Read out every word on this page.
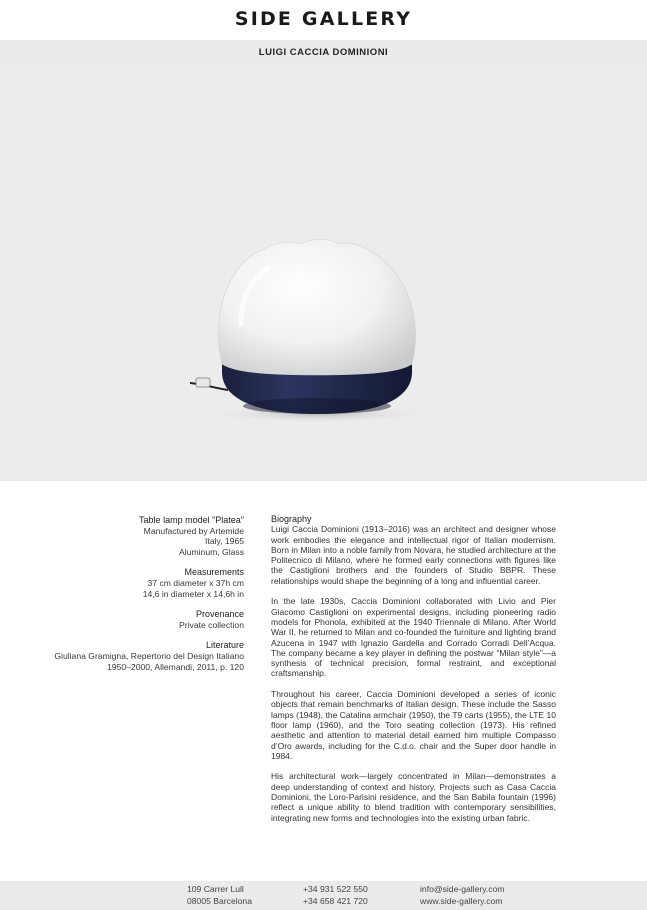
SIDE GALLERY
LUIGI CACCIA DOMINIONI
Table lamp model "Platea"
Manufactured by Artemide
Italy, 1965
Aluminum, Glass
Measurements
37 cm diameter x 37h cm
14,6 in diameter x 14,6h in
Provenance
Private collection
Literature
Giuliana Gramigna, Repertorio del Design Italiano
1950–2000, Allemandi, 2011, p. 120
Biography

Luigi Caccia Dominioni (1913–2016) was an architect and designer whose work embodies the elegance and intellectual rigor of Italian modernism. Born in Milan into a noble family from Novara, he studied architecture at the Politecnico di Milano, where he formed early connections with figures like the Castiglioni brothers and the founders of Studio BBPR. These relationships would shape the beginning of a long and influential career.

In the late 1930s, Caccia Dominioni collaborated with Livio and Pier Giacomo Castiglioni on experimental designs, including pioneering radio models for Phonola, exhibited at the 1940 Triennale di Milano. After World War II, he returned to Milan and co-founded the furniture and lighting brand Azucena in 1947 with Ignazio Gardella and Corrado Corradi Dell’Acqua. The company became a key player in defining the postwar “Milan style”—a synthesis of technical precision, formal restraint, and exceptional craftsmanship.

Throughout his career, Caccia Dominioni developed a series of iconic objects that remain benchmarks of Italian design. These include the Sasso lamps (1948), the Catalina armchair (1950), the T9 carts (1955), the LTE 10 floor lamp (1960), and the Toro seating collection (1973). His refined aesthetic and attention to material detail earned him multiple Compasso d’Oro awards, including for the C.d.o. chair and the Super door handle in 1984.

His architectural work—largely concentrated in Milan—demonstrates a deep understanding of context and history. Projects such as Casa Caccia Dominioni, the Loro-Parisini residence, and the San Babila fountain (1996) reflect a unique ability to blend tradition with contemporary sensibilities, integrating new forms and technologies into the existing urban fabric.

109 Carrer Lull
08005 Barcelona
+34 931 522 550
+34 658 421 720
info@side-gallery.com
www.side-gallery.com
